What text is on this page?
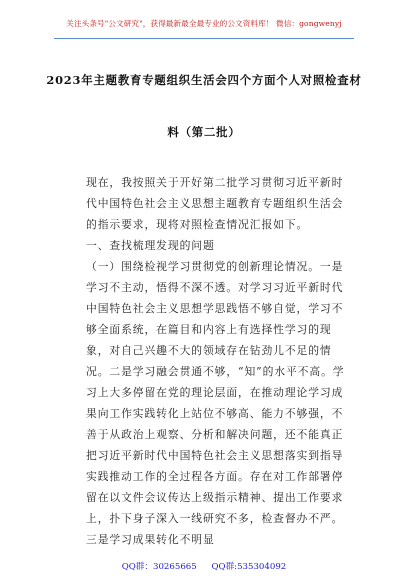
关注头条号"公文研究"，获得最新最全最专业的公文资料库！ 微信：gongwenyj
2023年主题教育专题组织生活会四个方面个人对照检查材
料（第二批）

现在，我按照关于开好第二批学习贯彻习近平新时代中国特色社会主义思想主题教育专题组织生活会的指示要求，现将对照检查情况汇报如下。

一、查找梳理发现的问题

（一）围绕检视学习贯彻党的创新理论情况。一是学习不主动，悟得不深不透。对学习习近平新时代中国特色社会主义思想学思践悟不够自觉，学习不够全面系统，在篇目和内容上有选择性学习的现象，对自己兴趣不大的领域存在钻劲儿不足的情况。二是学习融会贯通不够，“知”的水平不高。学习上大多停留在党的理论层面，在推动理论学习成果向工作实践转化上站位不够高、能力不够强，不善于从政治上观察、分析和解决问题，还不能真正把习近平新时代中国特色社会主义思想落实到指导实践推动工作的全过程各方面。存在对工作部署停留在以文件会议传达上级指示精神、提出工作要求上，扑下身子深入一线研究不多，检查督办不严。三是学习成果转化不明显

QQ群：30265665 QQ群:535304092
